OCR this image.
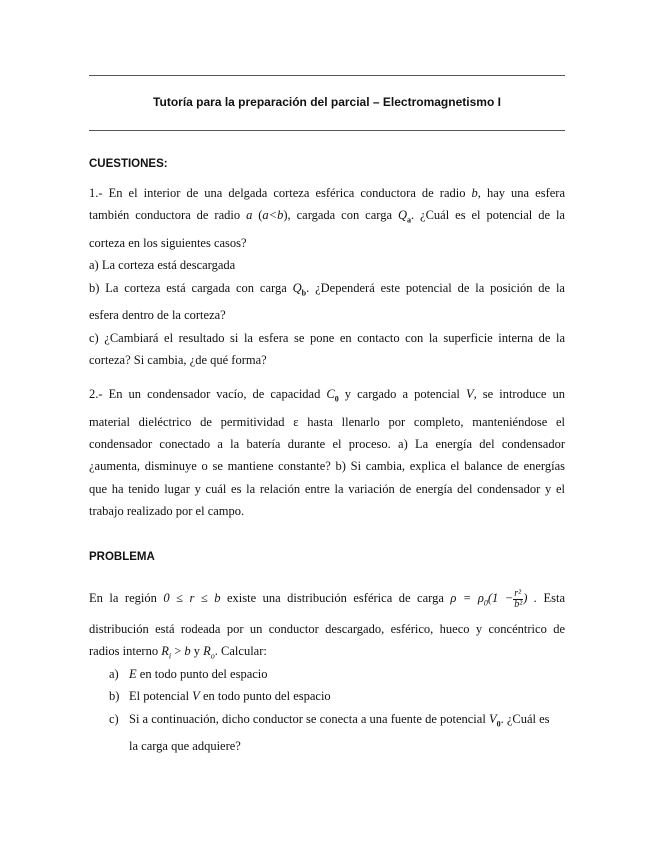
Tutoría para la preparación del parcial – Electromagnetismo I
CUESTIONES:
1.- En el interior de una delgada corteza esférica conductora de radio b, hay una esfera
también conductora de radio a (a<b), cargada con carga $Q_a$. ¿Cuál es el potencial de la
corteza en los siguientes casos?
a) La corteza está descargada
b) La corteza está cargada con carga $Q_b$. ¿Dependerá este potencial de la posición de la
esfera dentro de la corteza?
c) ¿Cambiará el resultado si la esfera se pone en contacto con la superficie interna de la
corteza? Si cambia, ¿de qué forma?
2.- En un condensador vacío, de capacidad $C_0$ y cargado a potencial V, se introduce un
material dieléctrico de permitividad ε hasta llenarlo por completo, manteniéndose el
condensador conectado a la batería durante el proceso. a) La energía del condensador
¿aumenta, disminuye o se mantiene constante? b) Si cambia, explica el balance de energías
que ha tenido lugar y cuál es la relación entre la variación de energía del condensador y el
trabajo realizado por el campo.
PROBLEMA
En la región 0 ≤ r ≤ b existe una distribución esférica de carga $\rho = \rho_0(1 - \frac{\text{r²}}{\text{b²}}$ ) . Esta
distribución está rodeada por un conductor descargado, esférico, hueco y concéntrico de
radios interno $R_i > b$ y $R_o$. Calcular:
a) E en todo punto del espacio
b) El potencial V en todo punto del espacio
c) Si a continuación, dicho conductor se conecta a una fuente de potencial $V_0$. ¿Cuál es
la carga que adquiere?
